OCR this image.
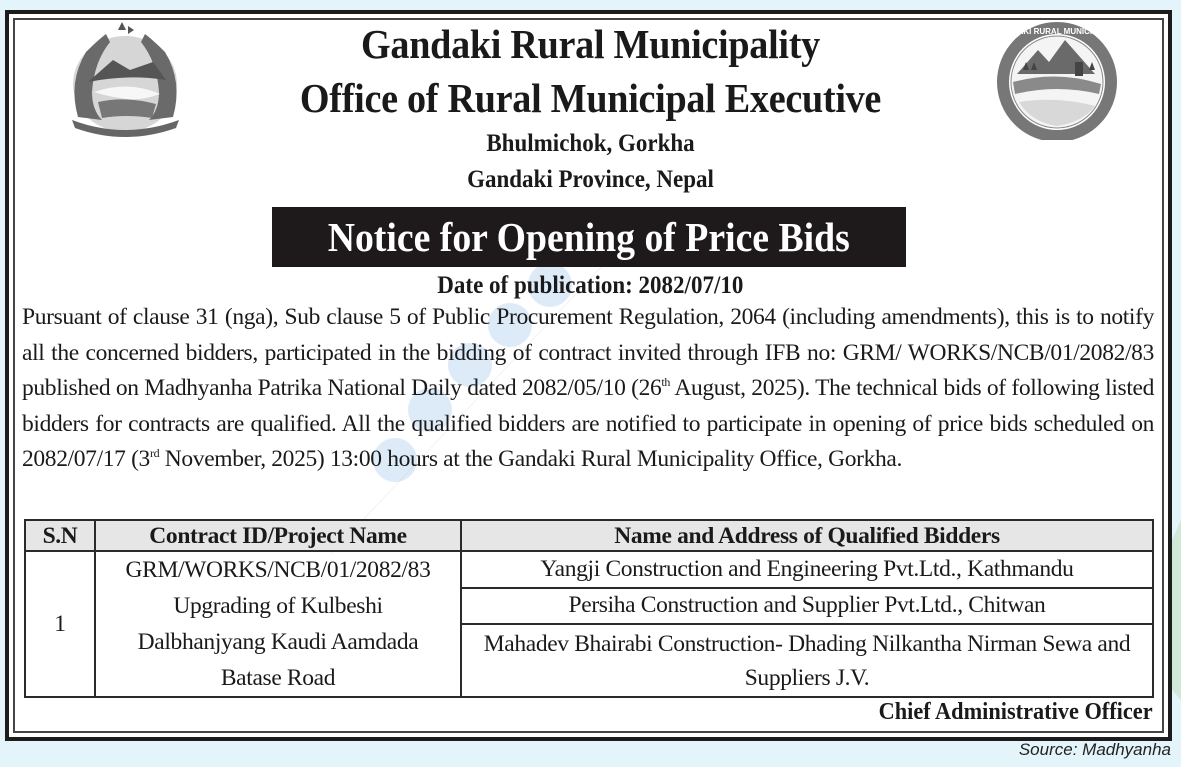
GANDAKI RURAL MUNICIPALITY
Gandaki Rural Municipality
Office of Rural Municipal Executive
Bhulmichok, Gorkha
Gandaki Province, Nepal
Notice for Opening of Price Bids
Date of publication: 2082/07/10

Pursuant of clause 31 (nga), Sub clause 5 of Public Procurement Regulation, 2064 (including amendments), this is to notify all the concerned bidders, participated in the bidding of contract invited through IFB no: GRM/ WORKS/NCB/01/2082/83 published on Madhyanha Patrika National Daily dated 2082/05/10 (26th August, 2025). The technical bids of following listed bidders for contracts are qualified. All the qualified bidders are notified to participate in opening of price bids scheduled on 2082/07/17 (3rd November, 2025) 13:00 hours at the Gandaki Rural Municipality Office, Gorkha.

S.N	Contract ID/Project Name	Name and Address of Qualified Bidders
1	GRM/WORKS/NCB/01/2082/83
Upgrading of Kulbeshi
Dalbhanjyang Kaudi Aamdada
Batase Road	Yangji Construction and Engineering Pvt.Ltd., Kathmandu
		Persiha Construction and Supplier Pvt.Ltd., Chitwan
		Mahadev Bhairabi Construction- Dhading Nilkantha Nirman Sewa and Suppliers J.V.
Chief Administrative Officer
Source: Madhyanha
